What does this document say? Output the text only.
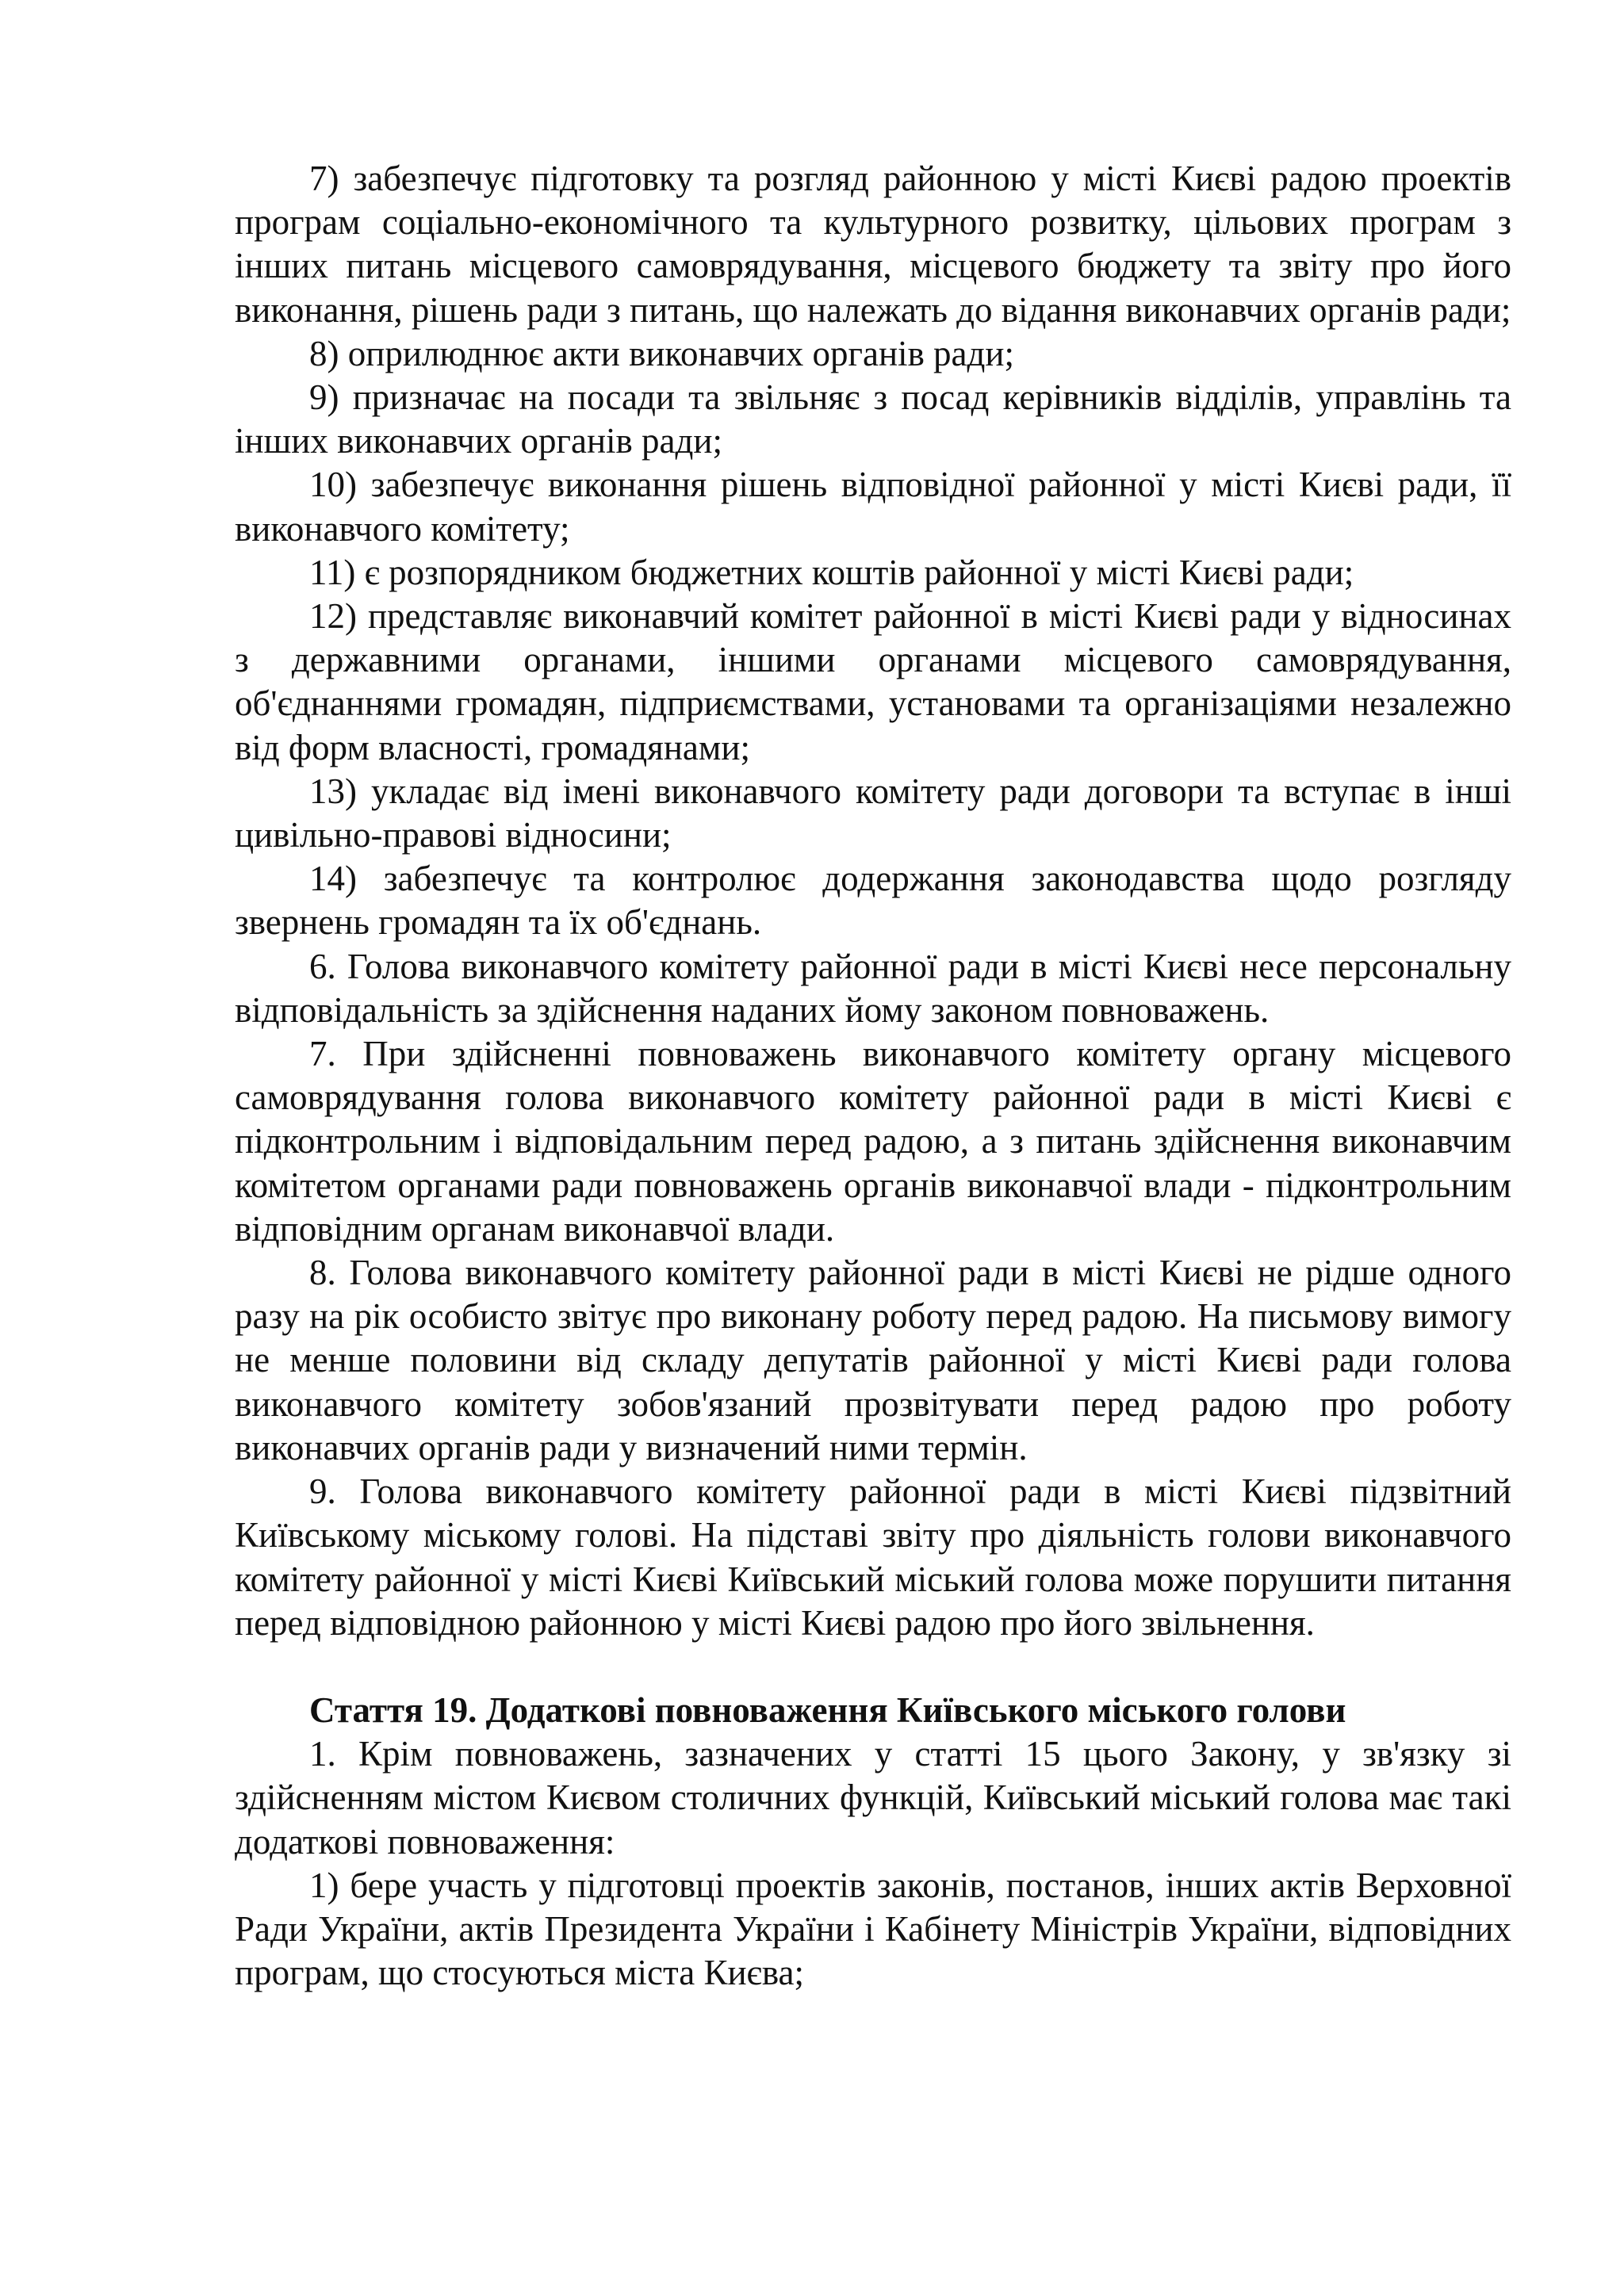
7) забезпечує підготовку та розгляд районною у місті Києві радою проектів програм соціально-економічного та культурного розвитку, цільових програм з інших питань місцевого самоврядування, місцевого бюджету та звіту про його виконання, рішень ради з питань, що належать до відання виконавчих органів ради;

8) оприлюднює акти виконавчих органів ради;

9) призначає на посади та звільняє з посад керівників відділів, управлінь та інших виконавчих органів ради;

10) забезпечує виконання рішень відповідної районної у місті Києві ради, її виконавчого комітету;

11) є розпорядником бюджетних коштів районної у місті Києві ради;

12) представляє виконавчий комітет районної в місті Києві ради у відносинах з державними органами, іншими органами місцевого самоврядування, об'єднаннями громадян, підприємствами, установами та організаціями незалежно від форм власності, громадянами;

13) укладає від імені виконавчого комітету ради договори та вступає в інші цивільно-правові відносини;

14) забезпечує та контролює додержання законодавства щодо розгляду звернень громадян та їх об'єднань.

6. Голова виконавчого комітету районної ради в місті Києві несе персональну відповідальність за здійснення наданих йому законом повноважень.

7. При здійсненні повноважень виконавчого комітету органу місцевого самоврядування голова виконавчого комітету районної ради в місті Києві є підконтрольним і відповідальним перед радою, а з питань здійснення виконавчим комітетом органами ради повноважень органів виконавчої влади - підконтрольним відповідним органам виконавчої влади.

8. Голова виконавчого комітету районної ради в місті Києві не рідше одного разу на рік особисто звітує про виконану роботу перед радою. На письмову вимогу не менше половини від складу депутатів районної у місті Києві ради голова виконавчого комітету зобов'язаний прозвітувати перед радою про роботу виконавчих органів ради у визначений ними термін.

9. Голова виконавчого комітету районної ради в місті Києві підзвітний Київському міському голові. На підставі звіту про діяльність голови виконавчого комітету районної у місті Києві Київський міський голова може порушити питання перед відповідною районною у місті Києві радою про його звільнення.

Стаття 19. Додаткові повноваження Київського міського голови

1. Крім повноважень, зазначених у статті 15 цього Закону, у зв'язку зі здійсненням містом Києвом столичних функцій, Київський міський голова має такі додаткові повноваження:

1) бере участь у підготовці проектів законів, постанов, інших актів Верховної Ради України, актів Президента України і Кабінету Міністрів України, відповідних програм, що стосуються міста Києва;
